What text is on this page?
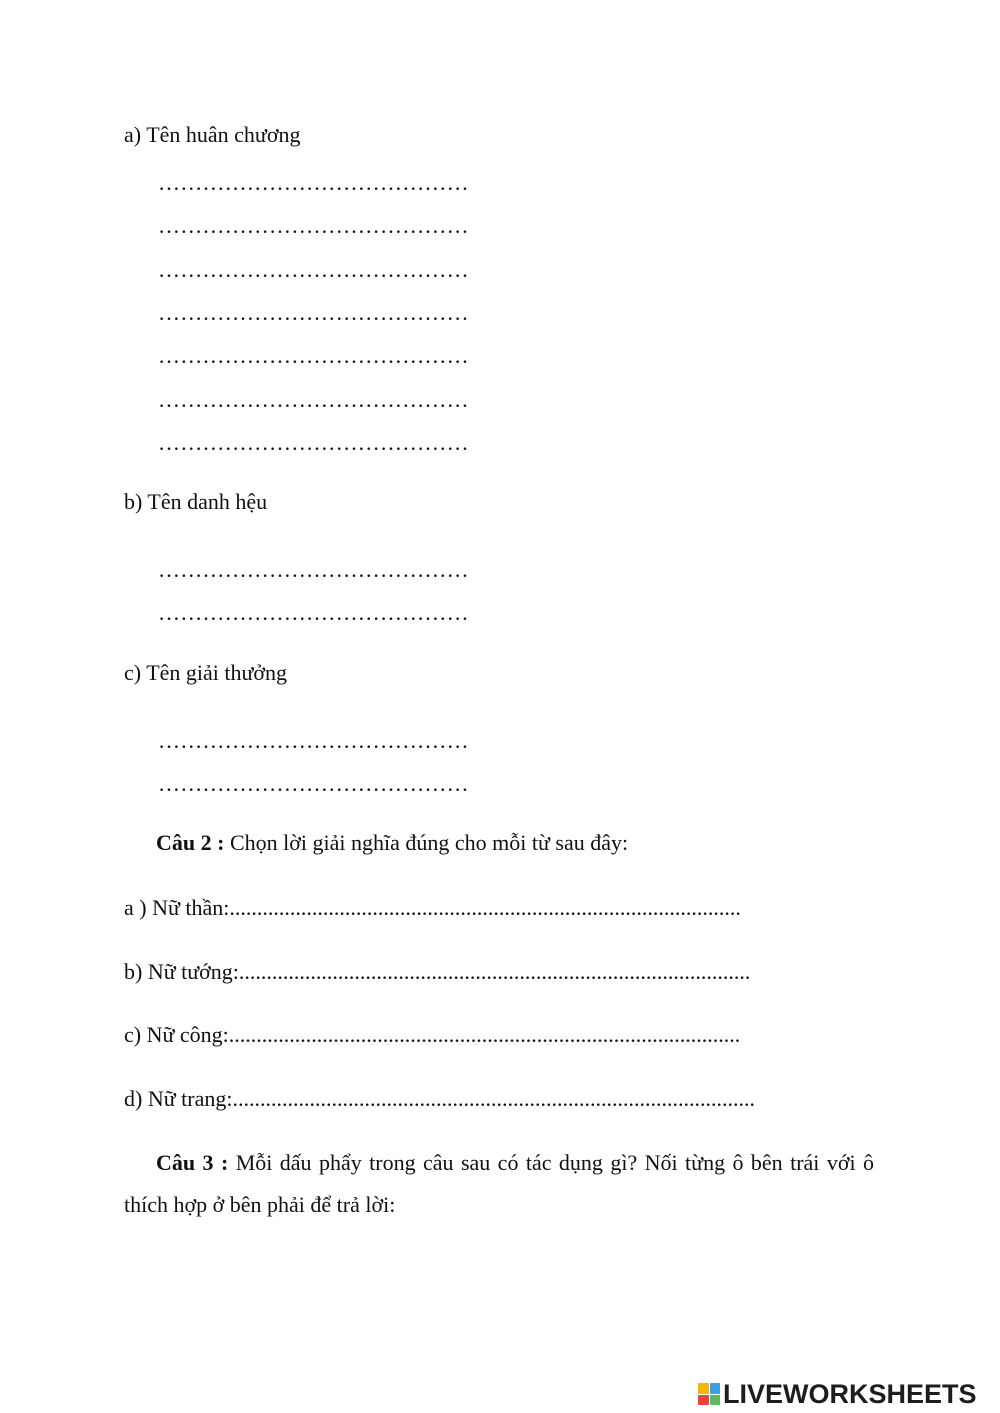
a) Tên huân chương
……………………………………
……………………………………
……………………………………
……………………………………
……………………………………
……………………………………
……………………………………
b) Tên danh hệu
……………………………………
……………………………………
c) Tên giải thưởng
……………………………………
……………………………………
Câu 2 : Chọn lời giải nghĩa đúng cho mỗi từ sau đây:
a ) Nữ thần:.............................................................................................
b) Nữ tướng:.............................................................................................
c) Nữ công:.............................................................................................
d) Nữ trang:...............................................................................................
Câu 3 : Mỗi dấu phẩy trong câu sau có tác dụng gì? Nối từng ô bên trái với ô thích hợp ở bên phải để trả lời:
LIVEWORKSHEETS
